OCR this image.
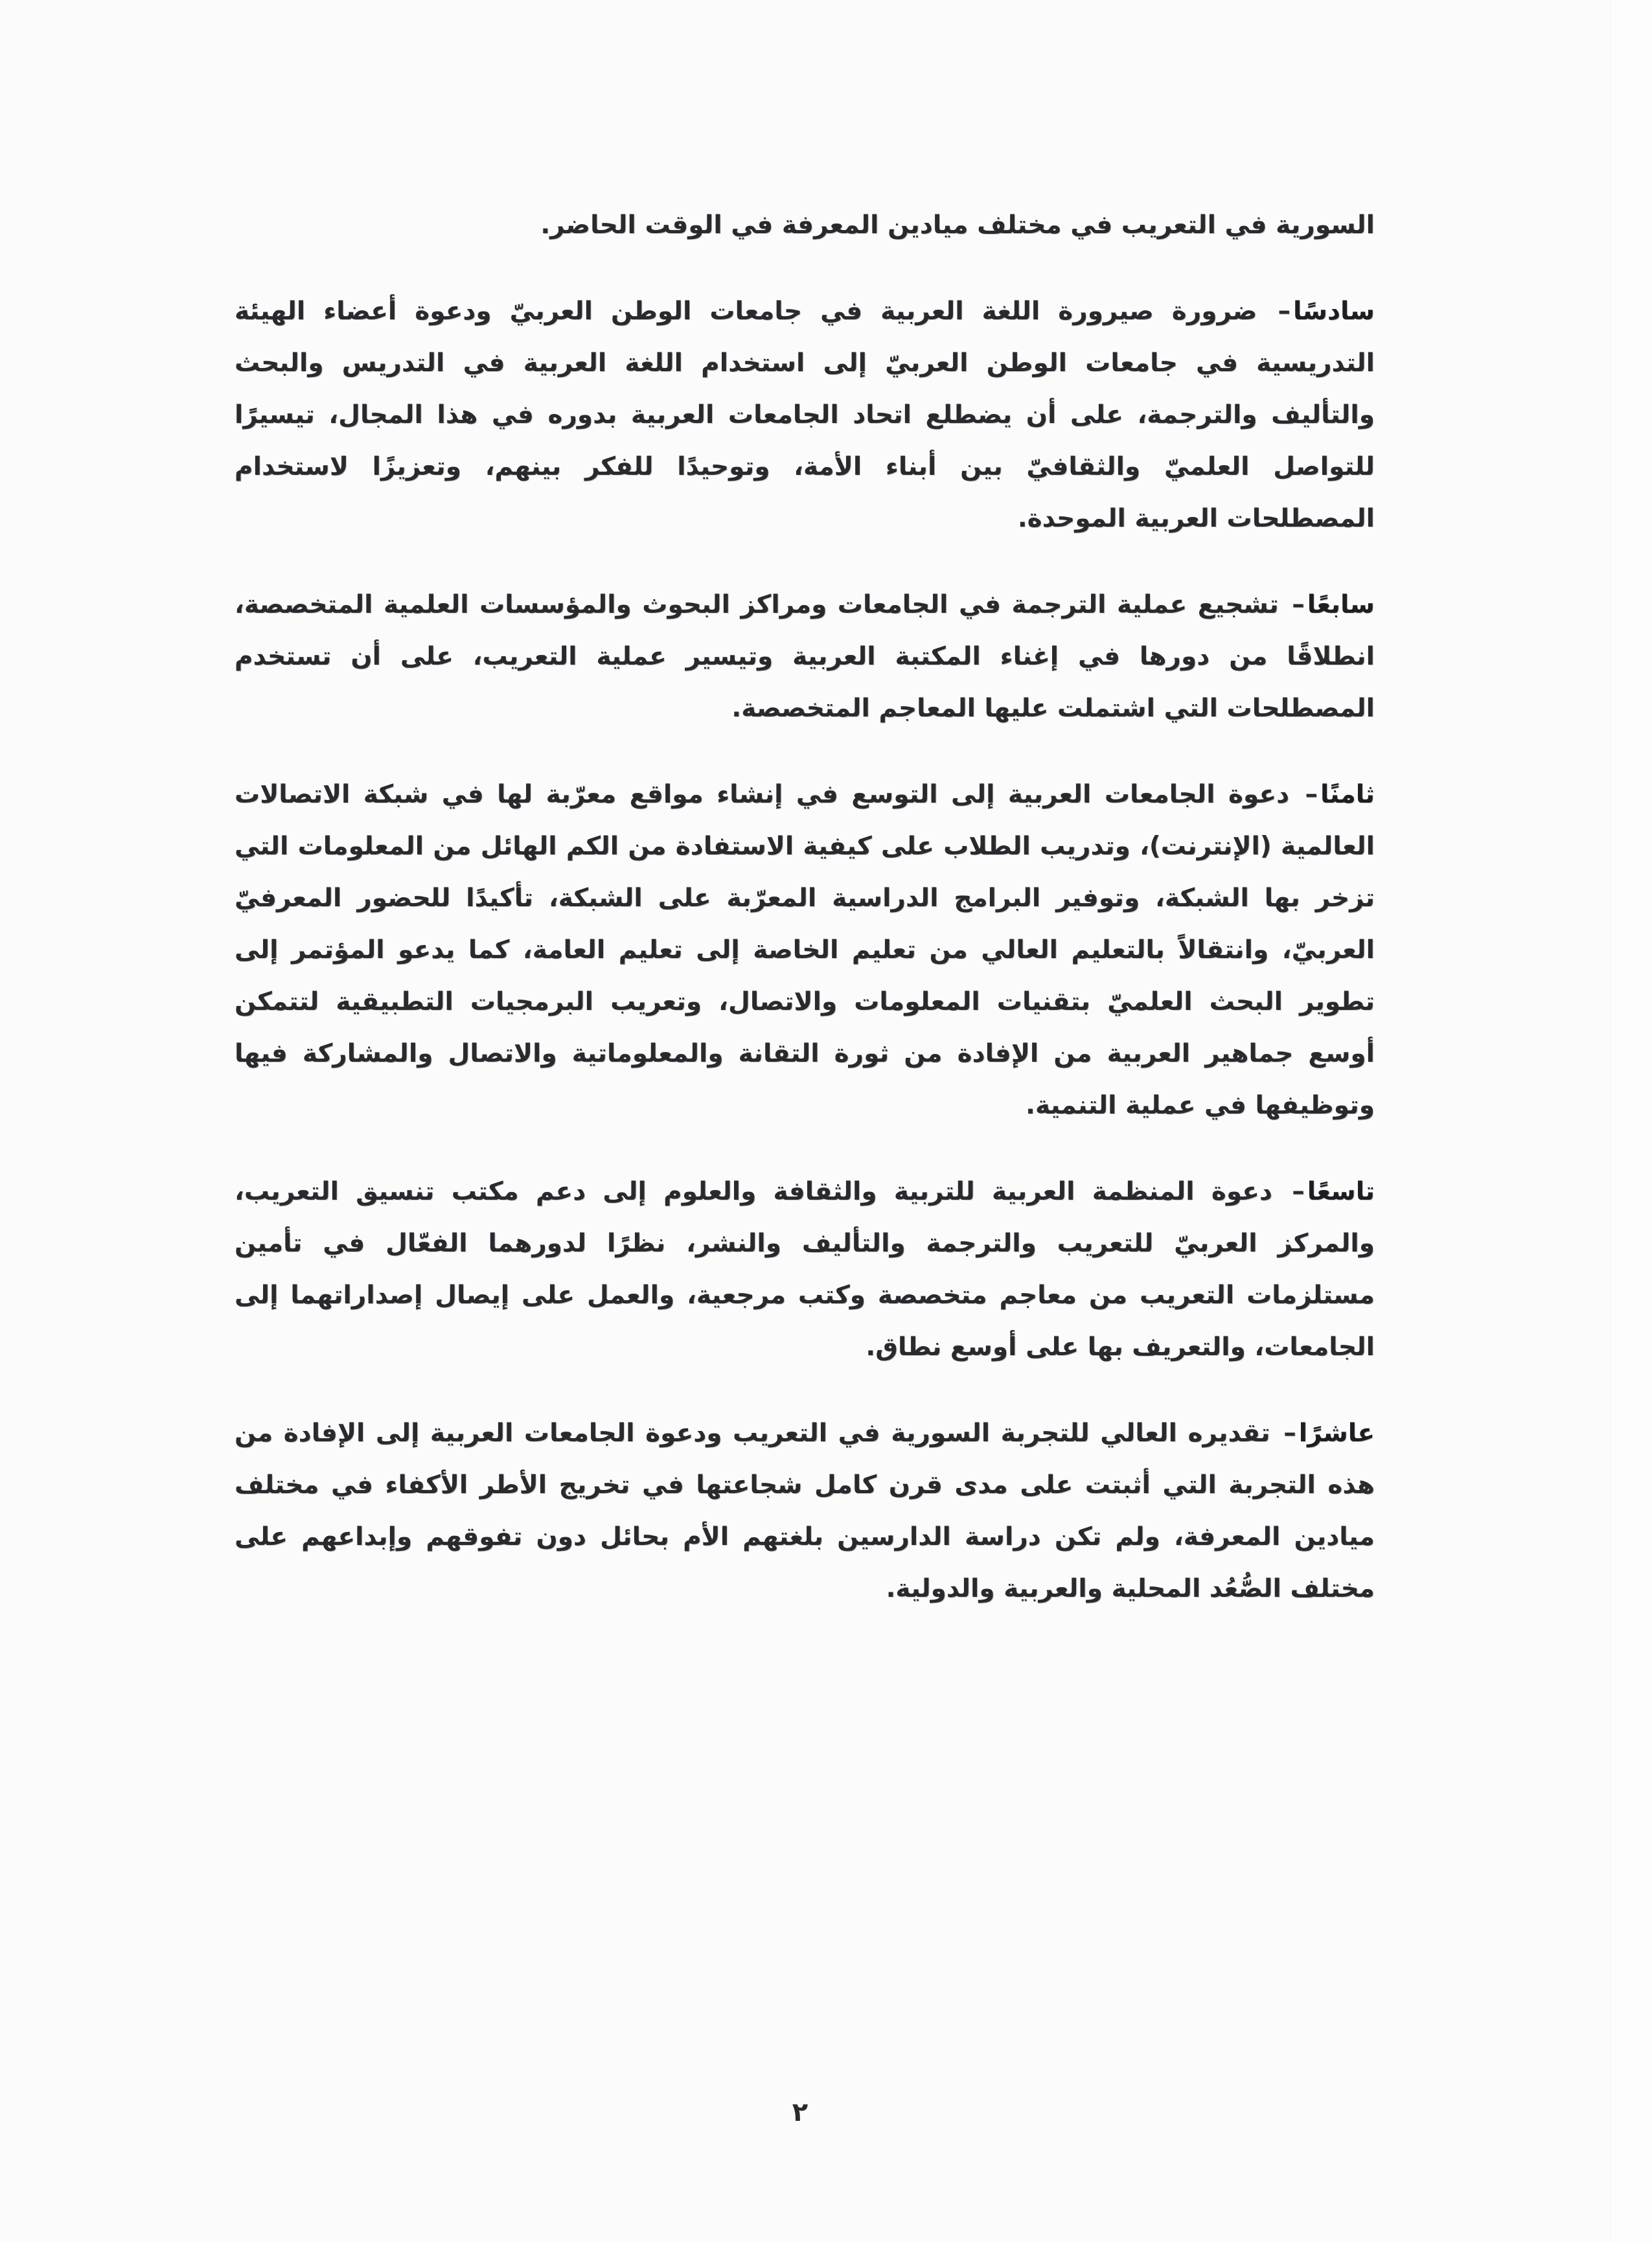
السورية في التعريب في مختلف ميادين المعرفة في الوقت الحاضر.

سادسًا– ضرورة صيرورة اللغة العربية في جامعات الوطن العربيّ ودعوة أعضاء الهيئة التدريسية في جامعات الوطن العربيّ إلى استخدام اللغة العربية في التدريس والبحث والتأليف والترجمة، على أن يضطلع اتحاد الجامعات العربية بدوره في هذا المجال، تيسيرًا للتواصل العلميّ والثقافيّ بين أبناء الأمة، وتوحيدًا للفكر بينهم، وتعزيزًا لاستخدام المصطلحات العربية الموحدة.

سابعًا– تشجيع عملية الترجمة في الجامعات ومراكز البحوث والمؤسسات العلمية المتخصصة، انطلاقًا من دورها في إغناء المكتبة العربية وتيسير عملية التعريب، على أن تستخدم المصطلحات التي اشتملت عليها المعاجم المتخصصة.

ثامنًا– دعوة الجامعات العربية إلى التوسع في إنشاء مواقع معرّبة لها في شبكة الاتصالات العالمية (الإنترنت)، وتدريب الطلاب على كيفية الاستفادة من الكم الهائل من المعلومات التي تزخر بها الشبكة، وتوفير البرامج الدراسية المعرّبة على الشبكة، تأكيدًا للحضور المعرفيّ العربيّ، وانتقالاً بالتعليم العالي من تعليم الخاصة إلى تعليم العامة، كما يدعو المؤتمر إلى تطوير البحث العلميّ بتقنيات المعلومات والاتصال، وتعريب البرمجيات التطبيقية لتتمكن أوسع جماهير العربية من الإفادة من ثورة التقانة والمعلوماتية والاتصال والمشاركة فيها وتوظيفها في عملية التنمية.

تاسعًا– دعوة المنظمة العربية للتربية والثقافة والعلوم إلى دعم مكتب تنسيق التعريب، والمركز العربيّ للتعريب والترجمة والتأليف والنشر، نظرًا لدورهما الفعّال في تأمين مستلزمات التعريب من معاجم متخصصة وكتب مرجعية، والعمل على إيصال إصداراتهما إلى الجامعات، والتعريف بها على أوسع نطاق.

عاشرًا– تقديره العالي للتجربة السورية في التعريب ودعوة الجامعات العربية إلى الإفادة من هذه التجربة التي أثبتت على مدى قرن كامل شجاعتها في تخريج الأطر الأكفاء في مختلف ميادين المعرفة، ولم تكن دراسة الدارسين بلغتهم الأم بحائل دون تفوقهم وإبداعهم على مختلف الصُّعُد المحلية والعربية والدولية.

٢
